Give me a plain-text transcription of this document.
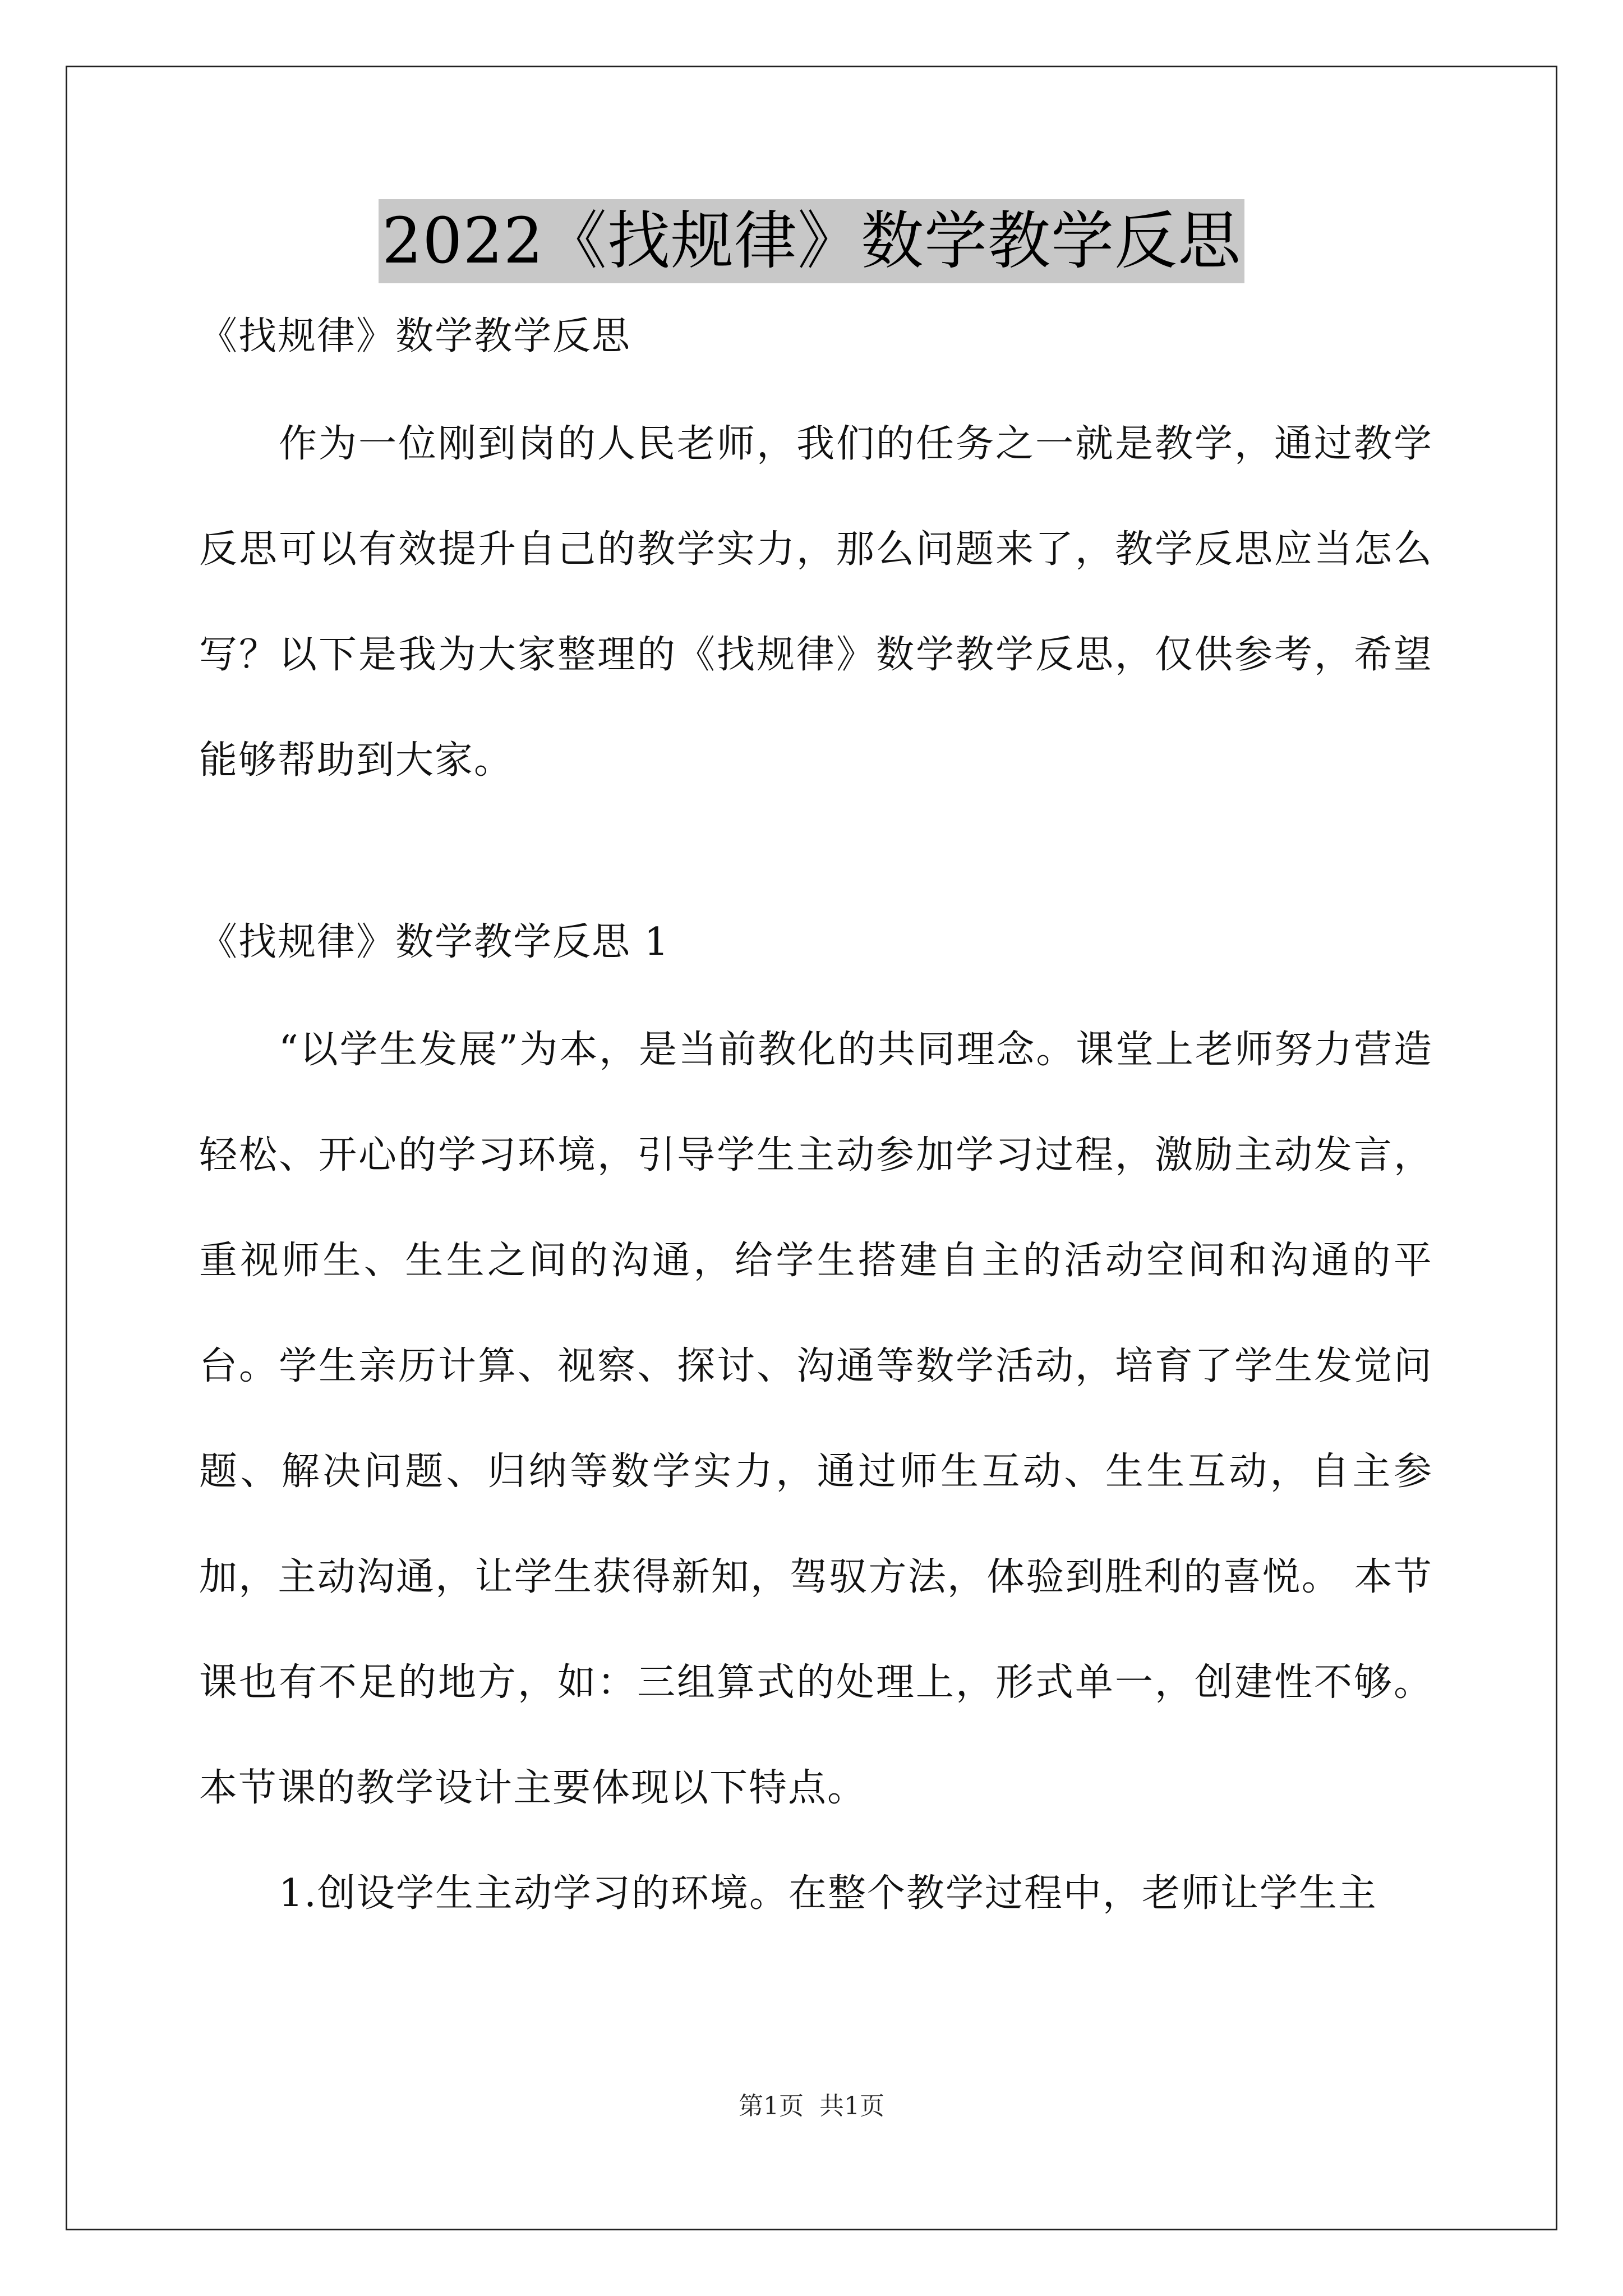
2022《找规律》数学教学反思

《找规律》数学教学反思

作为一位刚到岗的人民老师，我们的任务之一就是教学，通过教学反思可以有效提升自己的教学实力，那么问题来了，教学反思应当怎么写？以下是我为大家整理的《找规律》数学教学反思，仅供参考，希望能够帮助到大家。

《找规律》数学教学反思 1

“以学生发展”为本，是当前教化的共同理念。课堂上老师努力营造轻松、开心的学习环境，引导学生主动参加学习过程，激励主动发言，重视师生、生生之间的沟通，给学生搭建自主的活动空间和沟通的平台。学生亲历计算、视察、探讨、沟通等数学活动，培育了学生发觉问题、解决问题、归纳等数学实力，通过师生互动、生生互动，自主参加，主动沟通，让学生获得新知，驾驭方法，体验到胜利的喜悦。 本节课也有不足的地方，如：三组算式的处理上，形式单一，创建性不够。本节课的教学设计主要体现以下特点。

1.创设学生主动学习的环境。在整个教学过程中，老师让学生主

第1页 共1页
